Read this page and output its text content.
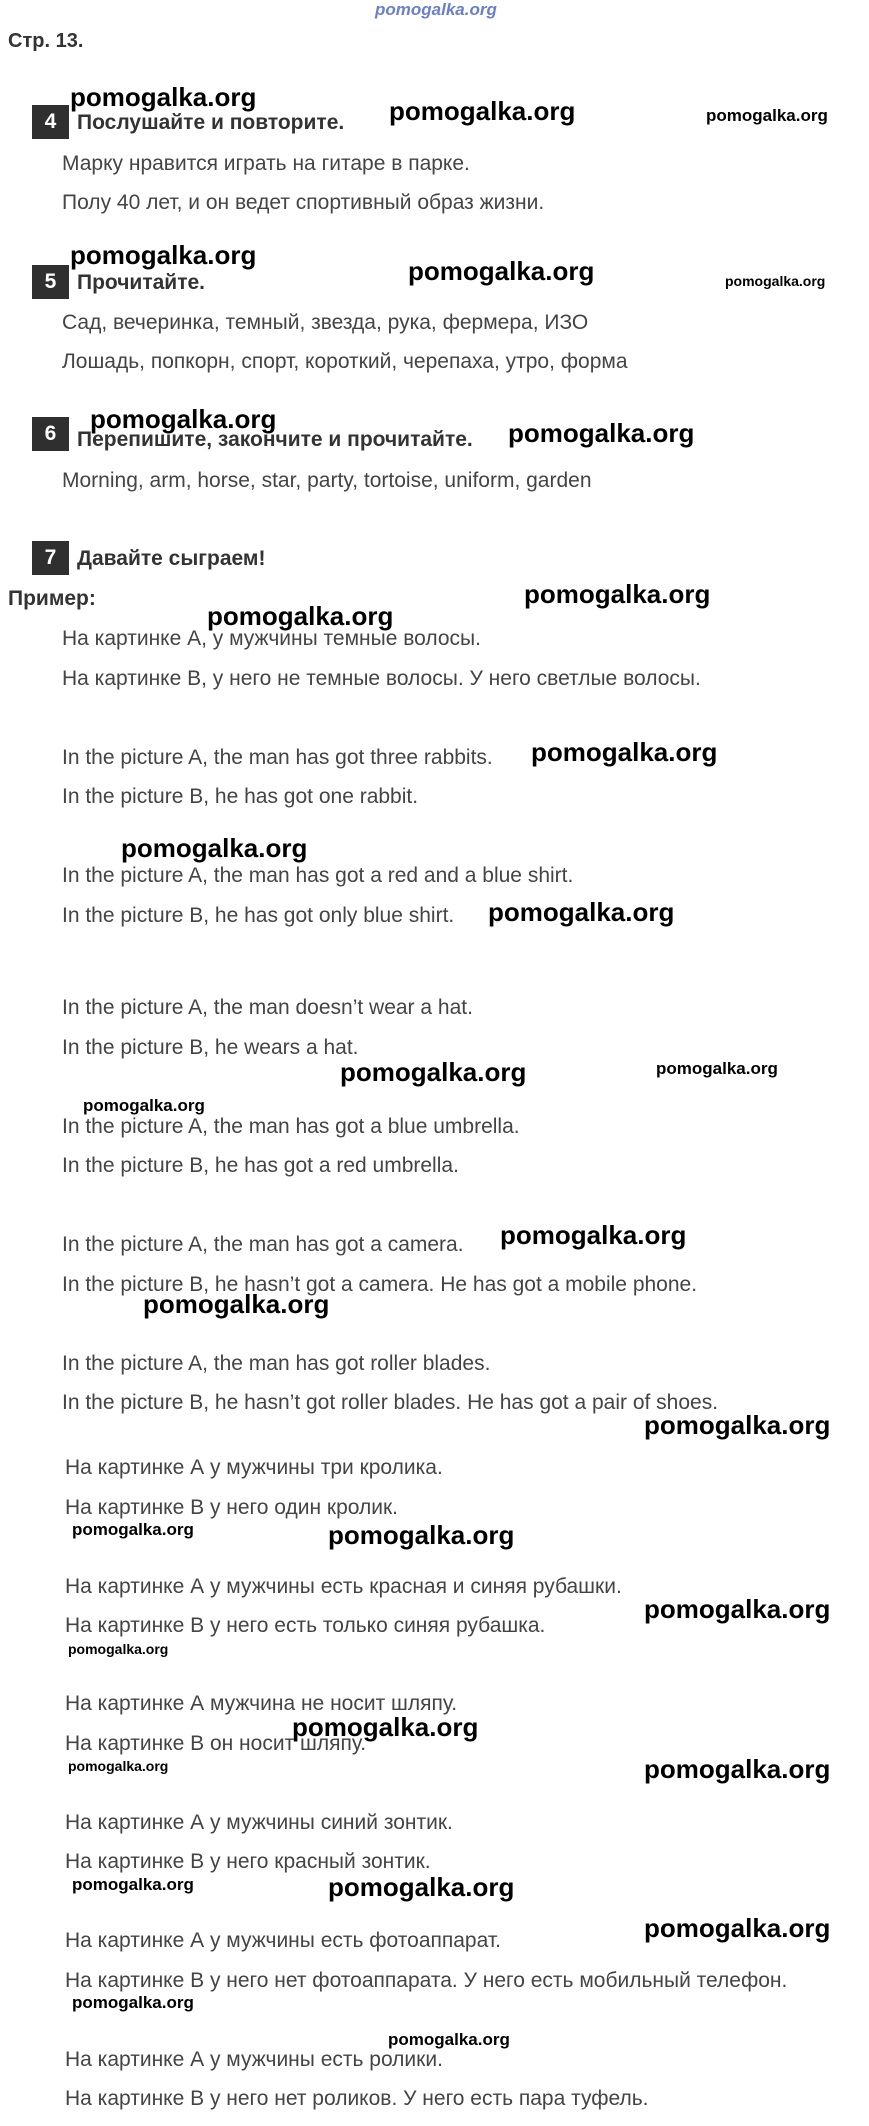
pomogalka.org
Стр. 13.
4 Послушайте и повторите.
Марку нравится играть на гитаре в парке.
Полу 40 лет, и он ведет спортивный образ жизни.
5 Прочитайте.
Сад, вечеринка, темный, звезда, рука, фермера, ИЗО
Лошадь, попкорн, спорт, короткий, черепаха, утро, форма
6 Перепишите, закончите и прочитайте.
Morning, arm, horse, star, party, tortoise, uniform, garden
7 Давайте сыграем!
Пример:
На картинке А, у мужчины темные волосы.
На картинке В, у него не темные волосы. У него светлые волосы.
In the picture A, the man has got three rabbits.
In the picture B, he has got one rabbit.
In the picture A, the man has got a red and a blue shirt.
In the picture B, he has got only blue shirt.
In the picture A, the man doesn’t wear a hat.
In the picture B, he wears a hat.
In the picture A, the man has got a blue umbrella.
In the picture B, he has got a red umbrella.
In the picture A, the man has got a camera.
In the picture B, he hasn’t got a camera. He has got a mobile phone.
In the picture A, the man has got roller blades.
In the picture B, he hasn’t got roller blades. He has got a pair of shoes.
На картинке А у мужчины три кролика.
На картинке В у него один кролик.
На картинке А у мужчины есть красная и синяя рубашки.
На картинке В у него есть только синяя рубашка.
На картинке А мужчина не носит шляпу.
На картинке В он носит шляпу.
На картинке А у мужчины синий зонтик.
На картинке В у него красный зонтик.
На картинке А у мужчины есть фотоаппарат.
На картинке В у него нет фотоаппарата. У него есть мобильный телефон.
На картинке А у мужчины есть ролики.
На картинке В у него нет роликов. У него есть пара туфель.
pomogalka.org	pomogalka.org	pomogalka.org
pomogalka.org
pomogalka.org	pomogalka.org
pomogalka.org	pomogalka.org
pomogalka.org
pomogalka.org
pomogalka.org
pomogalka.org
pomogalka.org
pomogalka.org	pomogalka.org
pomogalka.org
pomogalka.org
pomogalka.org
pomogalka.org
pomogalka.org	pomogalka.org
pomogalka.org
pomogalka.org
pomogalka.org
pomogalka.org
pomogalka.org
pomogalka.org	pomogalka.org
pomogalka.org
pomogalka.org
pomogalka.org
